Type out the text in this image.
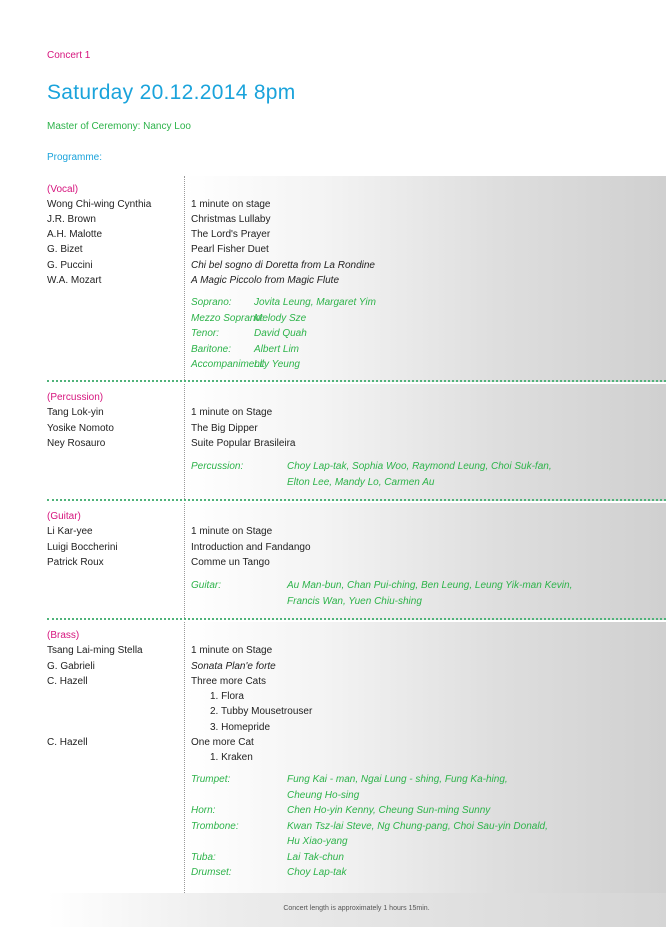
Concert 1
Saturday 20.12.2014 8pm
Master of Ceremony: Nancy Loo
Programme:
(Vocal)
Wong Chi-wing Cynthia	1 minute on stage
J.R. Brown	Christmas Lullaby
A.H. Malotte	The Lord's Prayer
G. Bizet	Pearl Fisher Duet
G. Puccini	Chi bel sogno di Doretta from La Rondine
W.A. Mozart	A Magic Piccolo from Magic Flute
Soprano: Jovita Leung, Margaret Yim
Mezzo Soprano:
Melody Sze
Tenor:	David Quah
Baritone: Albert Lim
Accompaniment:
Lily Yeung
(Percussion)
Tang Lok-yin	1 minute on Stage
Yosike Nomoto	The Big Dipper
Ney Rosauro	Suite Popular Brasileira
Percussion:	Choy Lap-tak, Sophia Woo, Raymond Leung, Choi Suk-fan,
Elton Lee, Mandy Lo, Carmen Au
(Guitar)
Li Kar-yee	1 minute on Stage
Luigi Boccherini	Introduction and Fandango
Patrick Roux	Comme un Tango
Guitar:	Au Man-bun, Chan Pui-ching, Ben Leung, Leung Yik-man Kevin,
Francis Wan, Yuen Chiu-shing
(Brass)
Tsang Lai-ming Stella	1 minute on Stage
G. Gabrieli	Sonata Plan'e forte
C. Hazell	Three more Cats
1. Flora
2. Tubby Mousetrouser
3. Homepride
C. Hazell	One more Cat
1. Kraken
Trumpet:	Fung Kai - man, Ngai Lung - shing, Fung Ka-hing,
Cheung Ho-sing
Horn:	Chen Ho-yin Kenny, Cheung Sun-ming Sunny
Trombone:	Kwan Tsz-lai Steve, Ng Chung-pang, Choi Sau-yin Donald,
Hu Xiao-yang
Tuba:	Lai Tak-chun
Drumset:	Choy Lap-tak
Concert length is approximately 1 hours 15min.
